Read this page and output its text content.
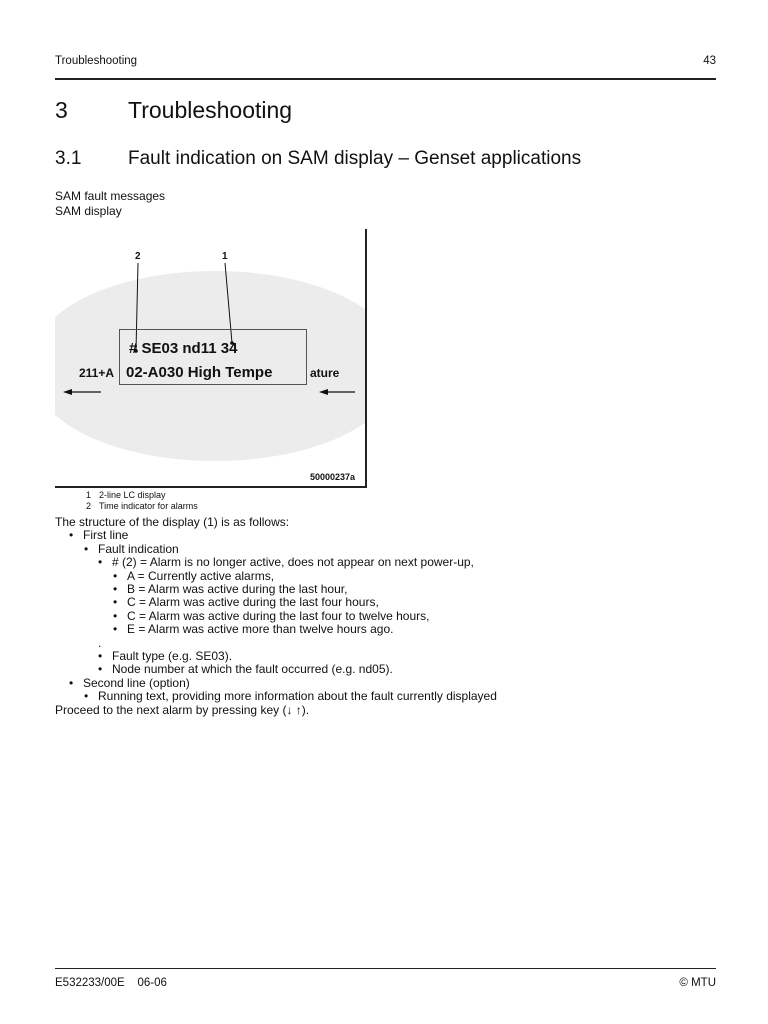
Troubleshooting	43
3	Troubleshooting
3.1 Fault indication on SAM display – Genset applications
SAM fault messages
SAM display
2	1
# SE03 nd11 34
02-A030 High Tempe
211+A	ature
50000237a
1 2-line LC display
2 Time indicator for alarms
The structure of the display (1) is as follows:
• First line
• Fault indication
• # (2) = Alarm is no longer active, does not appear on next power-up,
• A = Currently active alarms,
• B = Alarm was active during the last hour,
• C = Alarm was active during the last four hours,
• C = Alarm was active during the last four to twelve hours,
• E = Alarm was active more than twelve hours ago.
.
• Fault type (e.g. SE03).
• Node number at which the fault occurred (e.g. nd05).
• Second line (option)
• Running text, providing more information about the fault currently displayed
Proceed to the next alarm by pressing key (↓ ↑).
E532233/00E    06-06	© MTU
